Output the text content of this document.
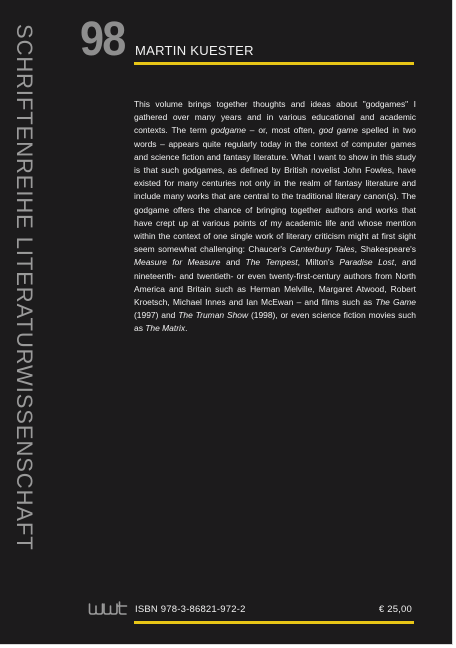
SCHRIFTENREIHE LITERATURWISSENSCHAFT 98 MARTIN KUESTER

This volume brings together thoughts and ideas about "godgames" I gathered over many years and in various educational and academic contexts. The term godgame – or, most often, god game spelled in two words – appears quite regularly today in the context of computer games and science fiction and fantasy literature. What I want to show in this study is that such godgames, as defined by British novelist John Fowles, have existed for many centuries not only in the realm of fantasy literature and include many works that are central to the traditional literary canon(s). The godgame offers the chance of bringing together authors and works that have crept up at various points of my academic life and whose mention within the context of one single work of literary criticism might at first sight seem somewhat challenging: Chaucer's Canterbury Tales, Shakespeare's Measure for Measure and The Tempest, Milton's Paradise Lost, and nineteenth- and twentieth- or even twenty-first-century authors from North America and Britain such as Herman Melville, Margaret Atwood, Robert Kroetsch, Michael Innes and Ian McEwan – and films such as The Game (1997) and The Truman Show (1998), or even science fiction movies such as The Matrix.

ISBN 978-3-86821-972-2	€ 25,00
